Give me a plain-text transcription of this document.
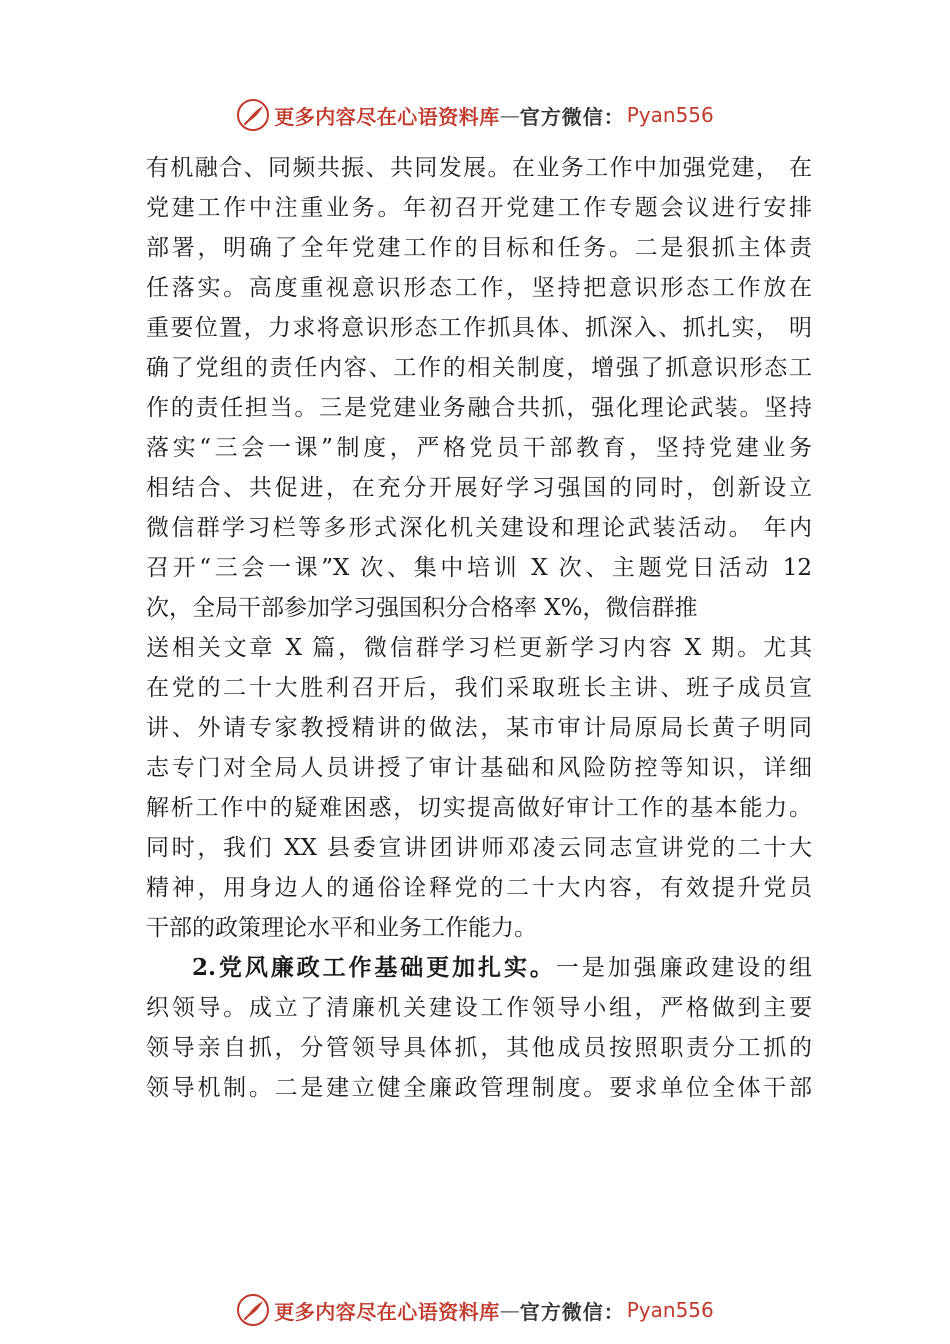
更多内容尽在心语资料库 — 官方微信： Pyan556
有机融合、同频共振、共同发展。在业务工作中加强党建， 在
党建工作中注重业务。年初召开党建工作专题会议进行安排
部署，明确了全年党建工作的目标和任务。二是狠抓主体责
任落实。高度重视意识形态工作，坚持把意识形态工作放在
重要位置，力求将意识形态工作抓具体、抓深入、抓扎实， 明
确了党组的责任内容、工作的相关制度，增强了抓意识形态工
作的责任担当。三是党建业务融合共抓，强化理论武装。坚持
落实“三会一课”制度，严格党员干部教育，坚持党建业务
相结合、共促进，在充分开展好学习强国的同时，创新设立
微信群学习栏等多形式深化机关建设和理论武装活动。 年内
召开“三会一课”X 次、集中培训 X 次、主题党日活动 12
次，全局干部参加学习强国积分合格率 X%，微信群推
送相关文章 X 篇，微信群学习栏更新学习内容 X 期。尤其
在党的二十大胜利召开后，我们采取班长主讲、班子成员宣
讲、外请专家教授精讲的做法，某市审计局原局长黄子明同
志专门对全局人员讲授了审计基础和风险防控等知识，详细
解析工作中的疑难困惑，切实提高做好审计工作的基本能力。
同时，我们 XX 县委宣讲团讲师邓凌云同志宣讲党的二十大
精神，用身边人的通俗诠释党的二十大内容，有效提升党员
干部的政策理论水平和业务工作能力。
2.党风廉政工作基础更加扎实。一是加强廉政建设的组
织领导。成立了清廉机关建设工作领导小组，严格做到主要
领导亲自抓，分管领导具体抓，其他成员按照职责分工抓的
领导机制。二是建立健全廉政管理制度。要求单位全体干部
更多内容尽在心语资料库 — 官方微信： Pyan556
